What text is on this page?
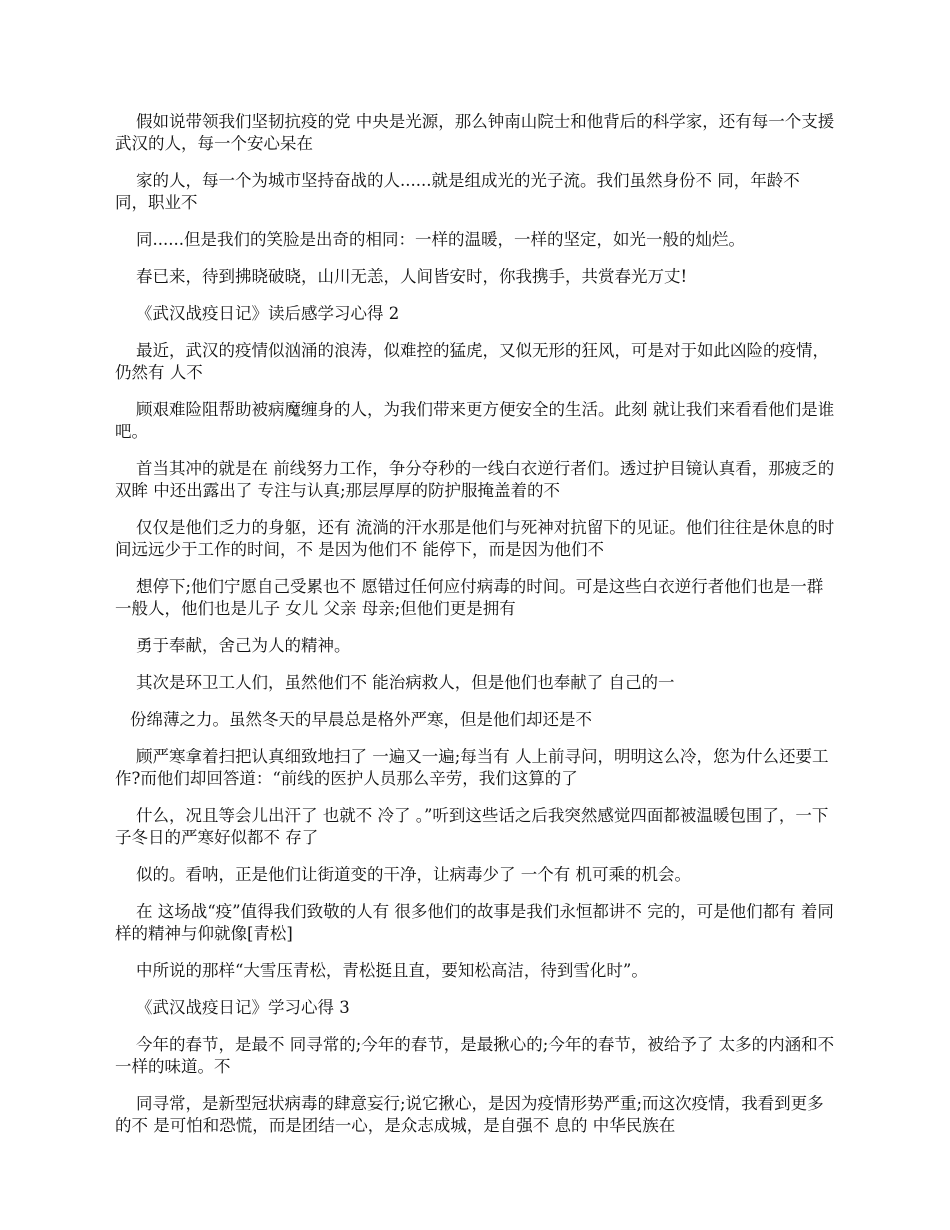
假如说带领我们坚韧抗疫的党 中央是光源，那么钟南山院士和他背后的科学家，还有每一个支援武汉的人，每一个安心呆在

家的人，每一个为城市坚持奋战的人......就是组成光的光子流。我们虽然身份不 同，年龄不 同，职业不

同......但是我们的笑脸是出奇的相同：一样的温暖，一样的坚定，如光一般的灿烂。

春已来，待到拂晓破晓，山川无恙，人间皆安时，你我携手，共赏春光万丈!

《武汉战疫日记》读后感学习心得 2

最近，武汉的疫情似汹涌的浪涛，似难控的猛虎，又似无形的狂风，可是对于如此凶险的疫情，仍然有 人不

顾艰难险阻帮助被病魔缠身的人，为我们带来更方便安全的生活。此刻 就让我们来看看他们是谁吧。

首当其冲的就是在 前线努力工作，争分夺秒的一线白衣逆行者们。透过护目镜认真看，那疲乏的双眸 中还出露出了 专注与认真;那层厚厚的防护服掩盖着的不

仅仅是他们乏力的身躯，还有 流淌的汗水那是他们与死神对抗留下的见证。他们往往是休息的时间远远少于工作的时间，不 是因为他们不 能停下，而是因为他们不

想停下;他们宁愿自己受累也不 愿错过任何应付病毒的时间。可是这些白衣逆行者他们也是一群一般人，他们也是儿子 女儿 父亲 母亲;但他们更是拥有

勇于奉献，舍己为人的精神。

其次是环卫工人们，虽然他们不 能治病救人，但是他们也奉献了 自己的一

份绵薄之力。虽然冬天的早晨总是格外严寒，但是他们却还是不

顾严寒拿着扫把认真细致地扫了 一遍又一遍;每当有 人上前寻问，明明这么冷，您为什么还要工作?而他们却回答道：“前线的医护人员那么辛劳，我们这算的了

什么，况且等会儿出汗了 也就不 冷了 。”听到这些话之后我突然感觉四面都被温暖包围了，一下子冬日的严寒好似都不 存了

似的。看呐，正是他们让街道变的干净，让病毒少了 一个有 机可乘的机会。

在 这场战“疫”值得我们致敬的人有 很多他们的故事是我们永恒都讲不 完的，可是他们都有 着同样的精神与仰就像[青松]

中所说的那样“大雪压青松，青松挺且直，要知松高洁，待到雪化时”。

《武汉战疫日记》学习心得 3

今年的春节，是最不 同寻常的;今年的春节，是最揪心的;今年的春节，被给予了 太多的内涵和不 一样的味道。不

同寻常，是新型冠状病毒的肆意妄行;说它揪心，是因为疫情形势严重;而这次疫情，我看到更多的不 是可怕和恐慌，而是团结一心，是众志成城，是自强不 息的 中华民族在
